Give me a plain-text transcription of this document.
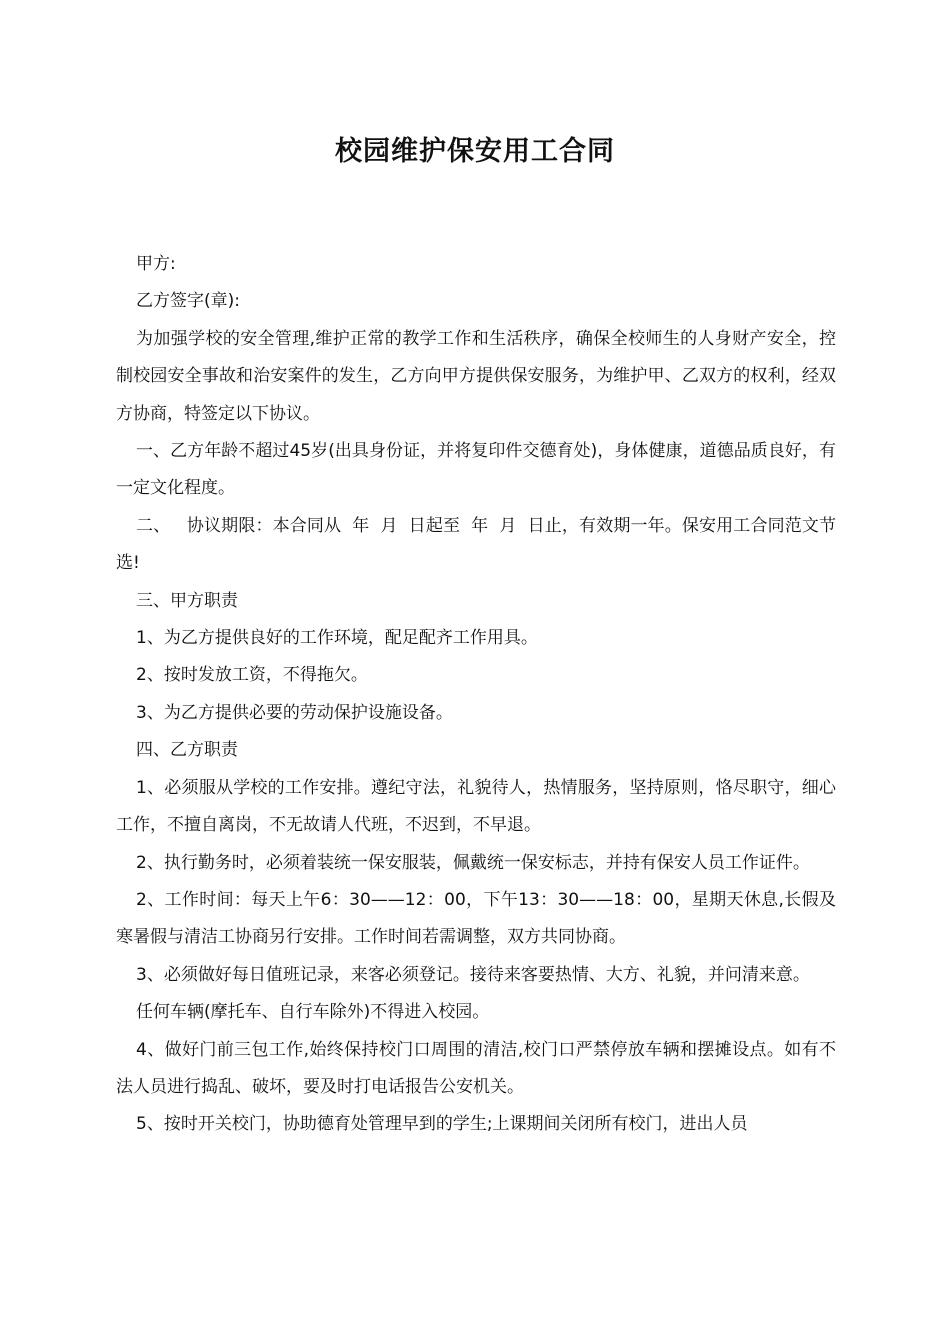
校园维护保安用工合同

甲方:

乙方签字(章):

为加强学校的安全管理,维护正常的教学工作和生活秩序，确保全校师生的人身财产安全，控制校园安全事故和治安案件的发生，乙方向甲方提供保安服务，为维护甲、乙双方的权利，经双方协商，特签定以下协议。

一、乙方年龄不超过45岁(出具身份证，并将复印件交德育处)，身体健康，道德品质良好，有一定文化程度。

二、   协议期限：本合同从  年  月  日起至  年  月  日止，有效期一年。保安用工合同范文节选!

三、甲方职责

1、为乙方提供良好的工作环境，配足配齐工作用具。

2、按时发放工资，不得拖欠。

3、为乙方提供必要的劳动保护设施设备。

四、乙方职责

1、必须服从学校的工作安排。遵纪守法，礼貌待人，热情服务，坚持原则，恪尽职守，细心工作，不擅自离岗，不无故请人代班，不迟到，不早退。

2、执行勤务时，必须着装统一保安服装，佩戴统一保安标志，并持有保安人员工作证件。

2、工作时间：每天上午6：30——12：00，下午13：30——18：00，星期天休息,长假及寒暑假与清洁工协商另行安排。工作时间若需调整，双方共同协商。

3、必须做好每日值班记录，来客必须登记。接待来客要热情、大方、礼貌，并问清来意。

任何车辆(摩托车、自行车除外)不得进入校园。

4、做好门前三包工作,始终保持校门口周围的清洁,校门口严禁停放车辆和摆摊设点。如有不法人员进行捣乱、破坏，要及时打电话报告公安机关。

5、按时开关校门，协助德育处管理早到的学生;上课期间关闭所有校门，进出人员
